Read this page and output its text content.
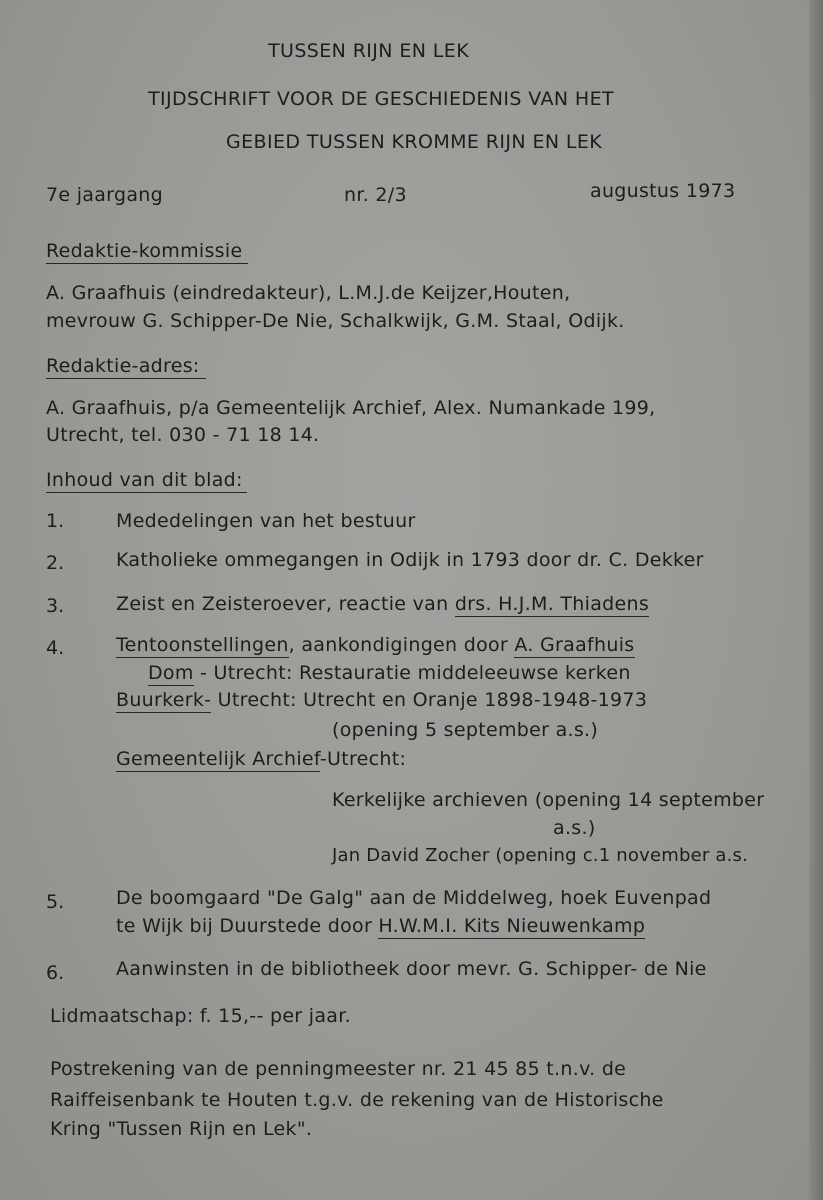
TUSSEN RIJN EN LEK
TIJDSCHRIFT VOOR DE GESCHIEDENIS VAN HET
GEBIED TUSSEN KROMME RIJN EN LEK
7e jaargang	nr. 2/3	augustus 1973
Redaktie-kommissie
A. Graafhuis (eindredakteur), L.M.J.de Keijzer,Houten,
mevrouw G. Schipper-De Nie, Schalkwijk, G.M. Staal, Odijk.
Redaktie-adres:
A. Graafhuis, p/a Gemeentelijk Archief, Alex. Numankade 199,
Utrecht, tel. 030 - 71 18 14.
Inhoud van dit blad:
1.	Mededelingen van het bestuur
2.	Katholieke ommegangen in Odijk in 1793 door dr. C. Dekker
3.	Zeist en Zeisteroever, reactie van drs. H.J.M. Thiadens
4.	Tentoonstellingen, aankondigingen door A. Graafhuis
Dom - Utrecht: Restauratie middeleeuwse kerken
Buurkerk- Utrecht: Utrecht en Oranje 1898-1948-1973
(opening 5 september a.s.)
Gemeentelijk Archief-Utrecht:
Kerkelijke archieven (opening 14 september
a.s.)
Jan David Zocher (opening c.1 november a.s.
5.	De boomgaard "De Galg" aan de Middelweg, hoek Euvenpad
te Wijk bij Duurstede door H.W.M.I. Kits Nieuwenkamp
6.	Aanwinsten in de bibliotheek door mevr. G. Schipper- de Nie
Lidmaatschap: f. 15,-- per jaar.
Postrekening van de penningmeester nr. 21 45 85 t.n.v. de
Raiffeisenbank te Houten t.g.v. de rekening van de Historische
Kring "Tussen Rijn en Lek".
